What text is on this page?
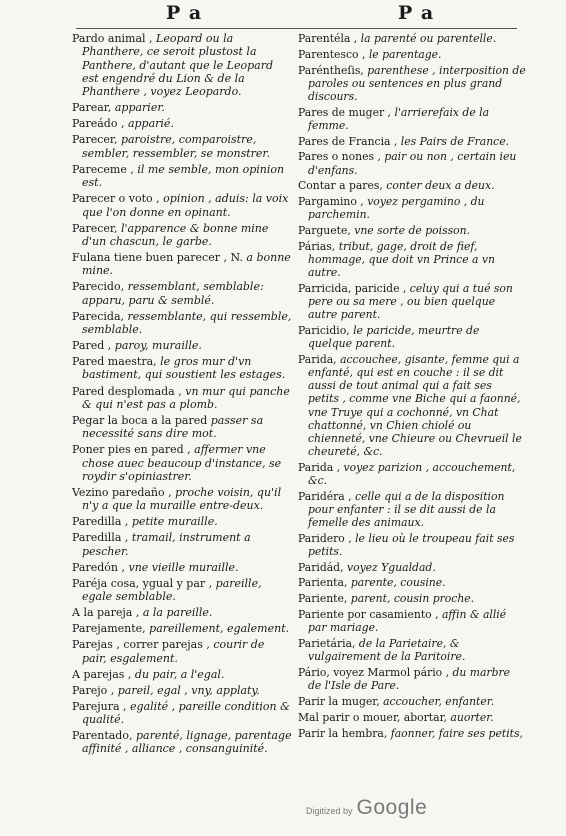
P a	P a
Pardo animal , Leopard ou la Phanthere, ce seroit plustost la Panthere, d'autant que le Leopard est engendré du Lion & de la Phanthere , voyez Leopardo.
Parear, apparier.
Pareádo , apparié.
Parecer, paroistre, comparoistre, sembler, ressembler, se monstrer.
Pareceme , il me semble, mon opinion est.
Parecer o voto , opinion , aduis: la voix que l'on donne en opinant.
Parecer, l'apparence & bonne mine d'un chascun, le garbe.
Fulana tiene buen parecer , N. a bonne mine.
Parecido, ressemblant, semblable: apparu, paru & semblé.
Parecida, ressemblante, qui ressemble, semblable.
Pared , paroy, muraille.
Pared maestra, le gros mur d'vn bastiment, qui soustient les estages.
Pared desplomada , vn mur qui panche & qui n'est pas a plomb.
Pegar la boca a la pared passer sa necessité sans dire mot.
Poner pies en pared , affermer vne chose auec beaucoup d'instance, se roydir s'opiniastrer.
Vezino paredaño , proche voisin, qu'il n'y a que la muraille entre-deux.
Paredilla , petite muraille.
Paredilla , tramail, instrument a pescher.
Paredón , vne vieille muraille.
Paréja cosa, ygual y par , pareille, egale semblable.
A la pareja , a la pareille.
Parejamente, pareillement, egalement.
Parejas , correr parejas , courir de pair, esgalement.
A parejas , du pair, a l'egal.
Parejo , pareil, egal , vny, applaty.
Parejura , egalité , pareille condition & qualité.
Parentado, parenté, lignage, parentage affinité , alliance , consanguinité.
Parentéla , la parenté ou parentelle.
Parentesco , le parentage.
Paréntheſis, parenthese , interposition de paroles ou sentences en plus grand discours.
Pares de muger , l'arrierefaix de la femme.
Pares de Francia , les Pairs de France.
Pares o nones , pair ou non , certain ieu d'enfans.
Contar a pares, conter deux a deux.
Pargamino , voyez pergamino , du parchemin.
Parguete, vne sorte de poisson.
Párias, tribut, gage, droit de fief, hommage, que doit vn Prince a vn autre.
Parricida, paricide , celuy qui a tué son pere ou sa mere , ou bien quelque autre parent.
Paricidio, le paricide, meurtre de quelque parent.
Parida, accouchee, gisante, femme qui a enfanté, qui est en couche : il se dit aussi de tout animal qui a fait ses petits , comme vne Biche qui a faonné, vne Truye qui a cochonné, vn Chat chattonné, vn Chien chiolé ou chienneté, vne Chieure ou Chevrueil le cheureté, &c.
Parida , voyez parizion , accouchement, &c.
Paridéra , celle qui a de la disposition pour enfanter : il se dit aussi de la femelle des animaux.
Paridero , le lieu où le troupeau fait ses petits.
Paridád, voyez Ygualdad.
Parienta, parente, cousine.
Pariente, parent, cousin proche.
Pariente por casamiento , affin & allié par mariage.
Parietária, de la Parietaire, & vulgairement de la Paritoire.
Pário, voyez Marmol pário , du marbre de l'Isle de Pare.
Parir la muger, accoucher, enfanter.
Mal parir o mouer, abortar, auorter.
Parir la hembra, faonner, faire ses petits,
Digitized by Google
